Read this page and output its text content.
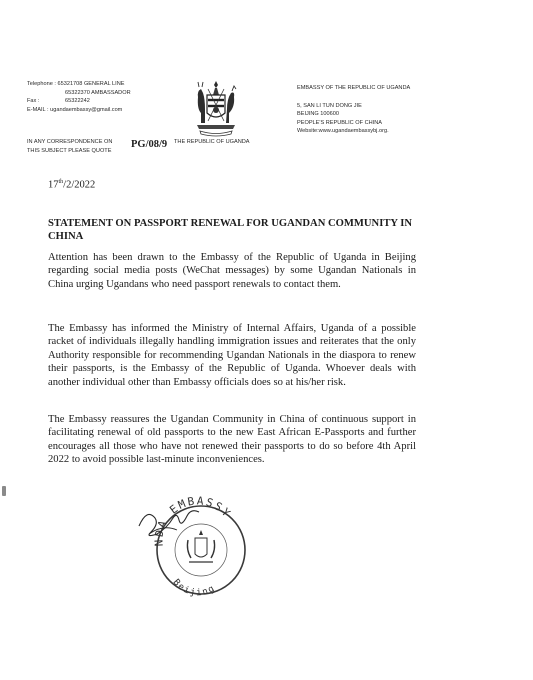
Telephone :
65321708 GENERAL LINE
65322370 AMBASSADOR
Fax :	65322242
E-MAIL :
ugandaembassy@gmail.com
EMBASSY OF THE REPUBLIC OF UGANDA
5, SAN LI TUN DONG JIE
BEIJING 100600
PEOPLE'S REPUBLIC OF CHINA
Website:www.ugandaembassybj.org.
IN ANY CORRESPONDENCE ON
THIS SUBJECT PLEASE QUOTE
PG/08/9 THE REPUBLIC OF UGANDA
17th/2/2022
STATEMENT ON PASSPORT RENEWAL FOR UGANDAN COMMUNITY IN CHINA
Attention has been drawn to the Embassy of the Republic of Uganda in Beijing regarding social media posts (WeChat messages) by some Ugandan Nationals in China urging Ugandans who need passport renewals to contact them.
The Embassy has informed the Ministry of Internal Affairs, Uganda of a possible racket of individuals illegally handling immigration issues and reiterates that the only Authority responsible for recommending Ugandan Nationals in the diaspora to renew their passports, is the Embassy of the Republic of Uganda. Whoever deals with another individual other than Embassy officials does so at his/her risk.
The Embassy reassures the Ugandan Community in China of continuous support in facilitating renewal of old passports to the new East African E-Passports and further encourages all those who have not renewed their passports to do so before 4th April 2022 to avoid possible last-minute inconveniences.
NDA EMBASSY
Beijing
